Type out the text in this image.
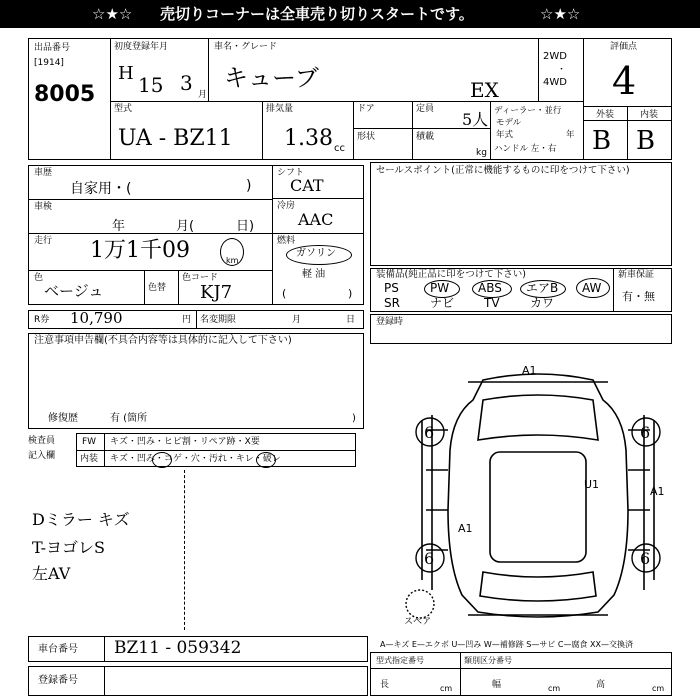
☆★☆ 売切りコーナーは全車売り切りスタートです。	☆★☆
出品番号
[1914]
8005
初度登録年月
H 15 3 月
車名・グレード
キューブ	EX
2WD
・
4WD
評価点
4
外装	内装
B B
型式
UA - BZ11
排気量
1.38 cc
ドア
形状
定員
5人
積載
kg
ディーラー・並行
モデル
年式	年
ハンドル 左・右
車歴
自家用・(	)
車検
年	月(	日)
走行 1万1千09	km
色
ベージュ	色替
色コード
KJ7
シフト
CAT
冷房
AAC
燃料
ガソリン
軽 油
(	)
R券 10,790	円 名変期限	月	日
注意事項申告欄(不具合内容等は具体的に記入して下さい)
修復歴	有 (箇所	)
検査員
記入欄
FW キズ・凹み・ヒビ割・リペア跡・X要
内装 キズ・凹み・コゲ・穴・汚れ・キレ・破レ
Dミラー キズ
T-ヨゴレS
左AV
セールスポイント(正常に機能するものに印をつけて下さい)
装備品(純正品に印をつけて下さい)	新車保証
有・無
PS	PW ABS エアB AW
SR	ナビ TV	カワ
登録時
6	6
6	6
A1
A1
A1
U1
スペア
A—キズ E—エクボ U—凹み W—補修跡 S—サビ C—腐食 XX—交換済
車台番号 BZ11 - 059342
登録番号
型式指定番号	類別区分番号
長	cm	幅	cm	高	cm
